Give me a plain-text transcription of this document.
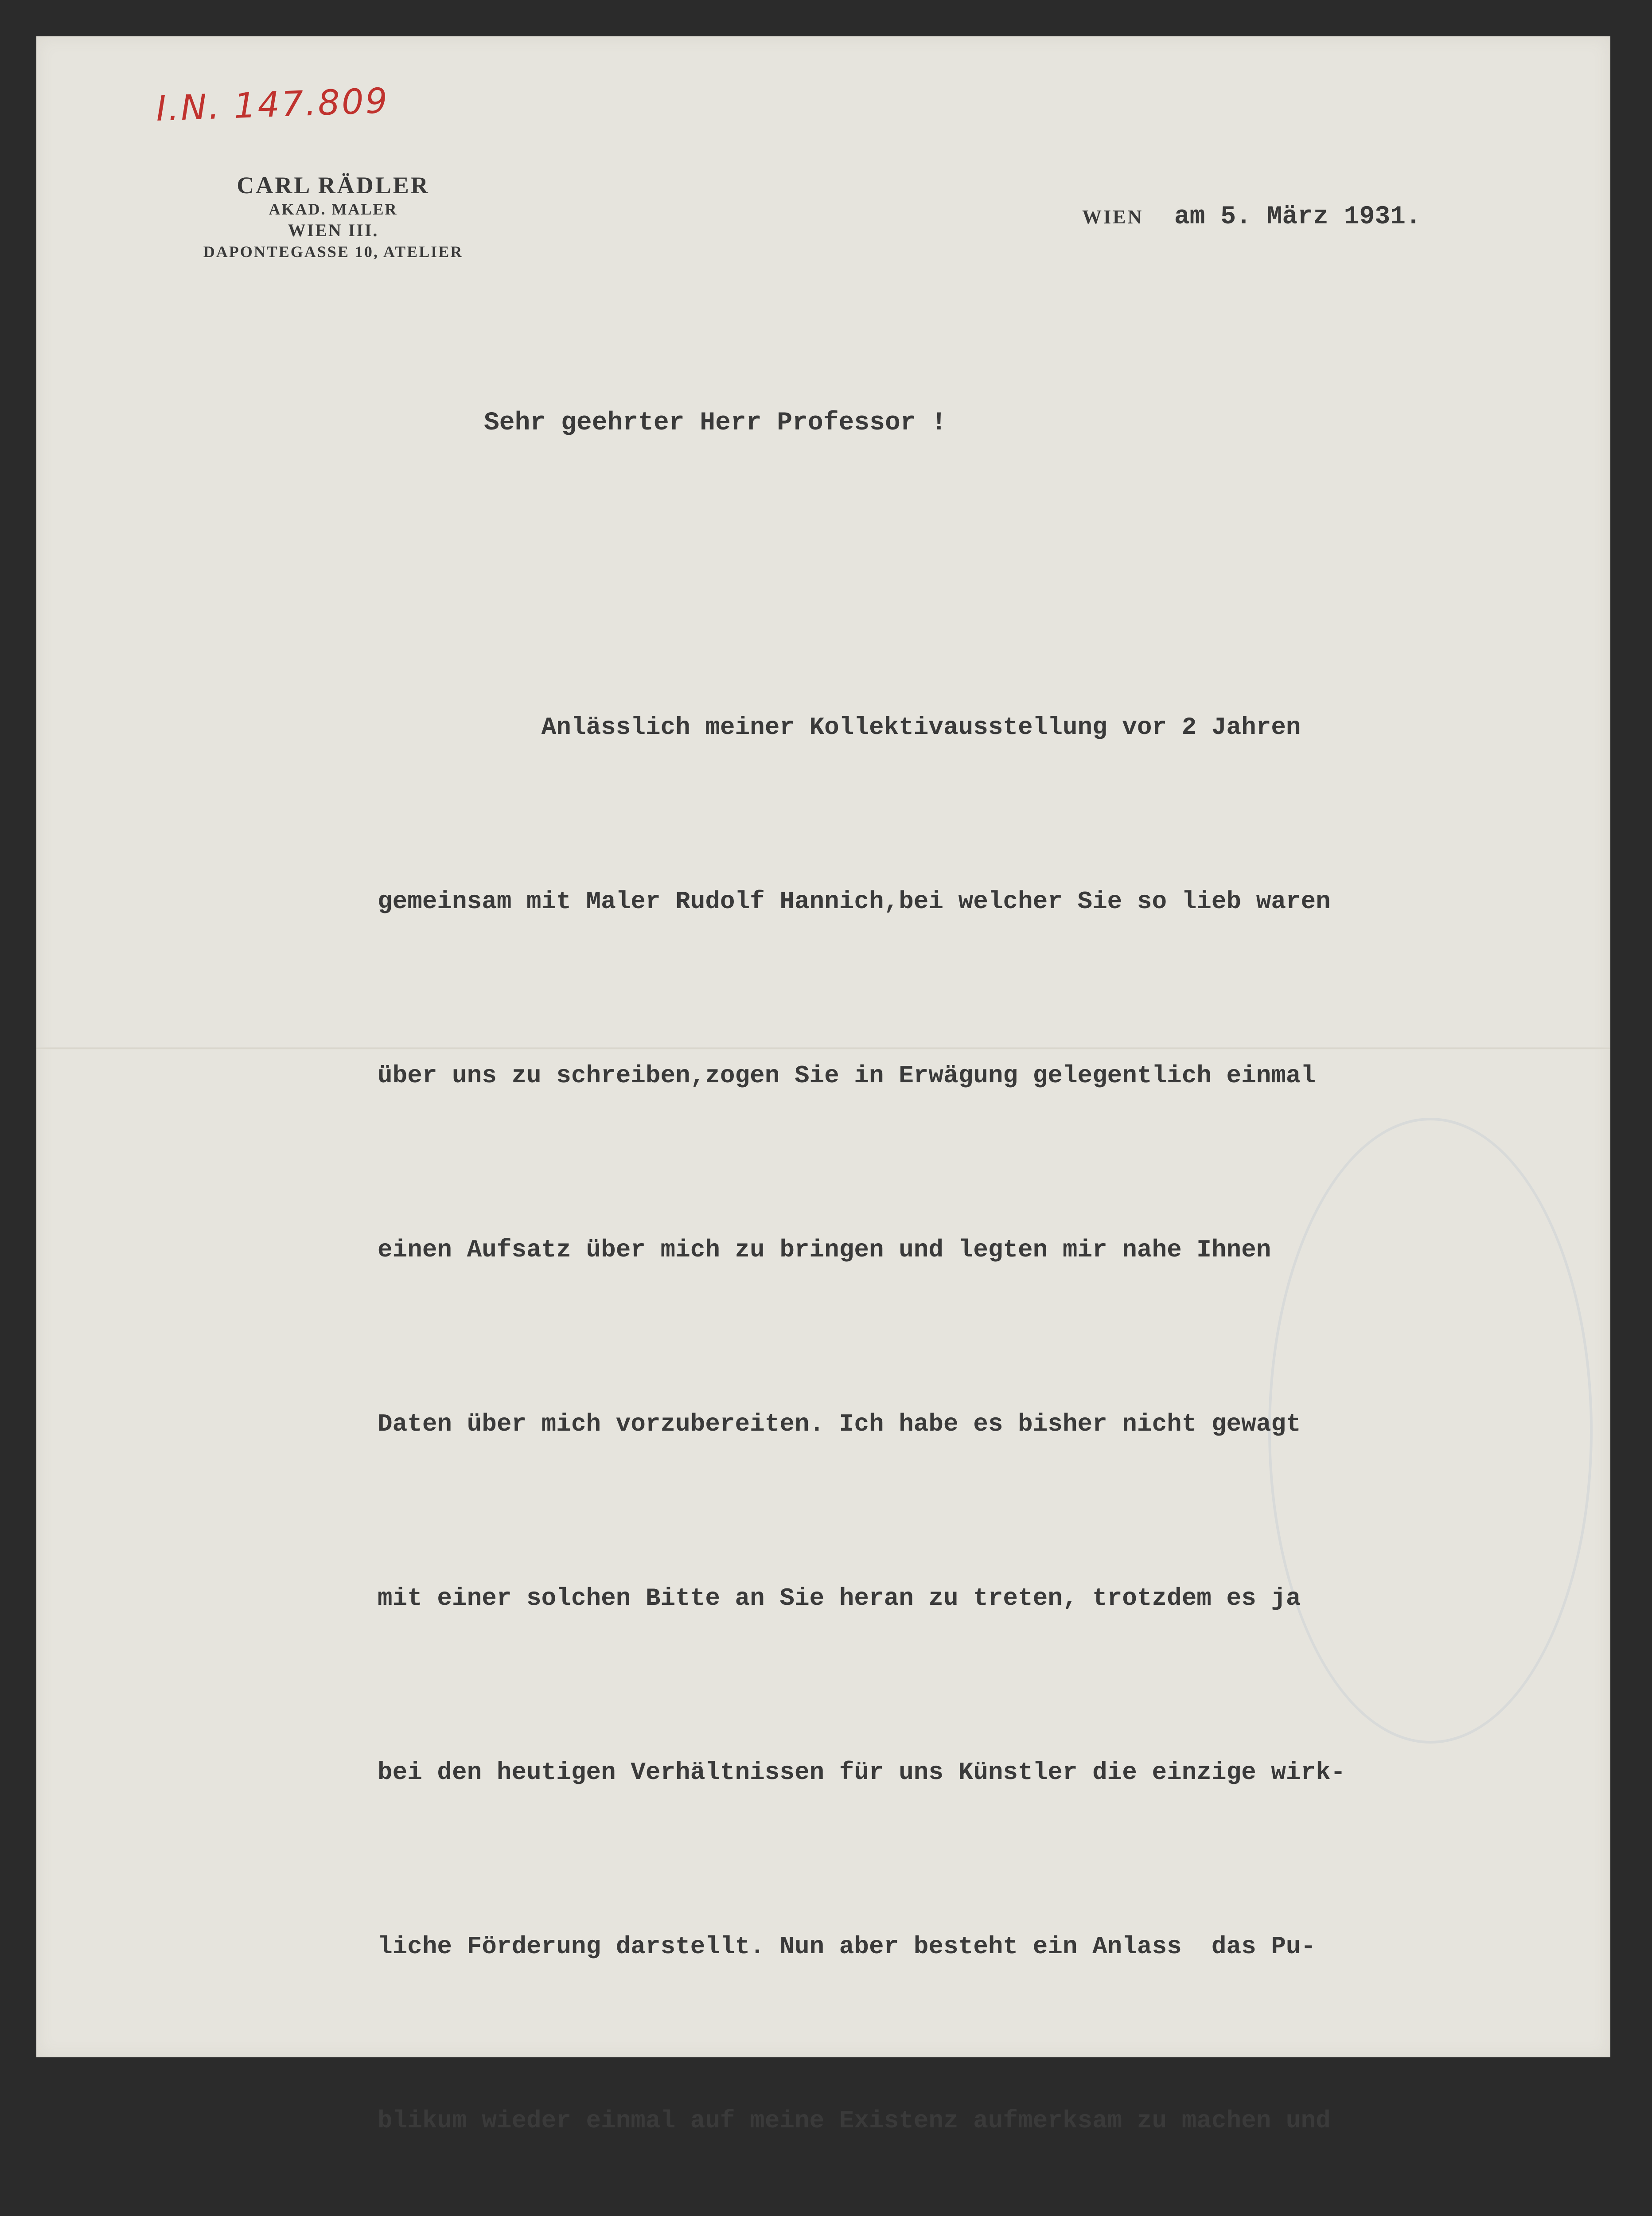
I.N. 147.809
CARL RÄDLER
AKAD. MALER
WIEN III.
DAPONTEGASSE 10, ATELIER
WIEN am 5. März 1931.
Sehr geehrter Herr Professor !

Anlässlich meiner Kollektivausstellung vor 2 Jahren

gemeinsam mit Maler Rudolf Hannich,bei welcher Sie so lieb waren

über uns zu schreiben,zogen Sie in Erwägung gelegentlich einmal

einen Aufsatz über mich zu bringen und legten mir nahe Ihnen

Daten über mich vorzubereiten. Ich habe es bisher nicht gewagt

mit einer solchen Bitte an Sie heran zu treten, trotzdem es ja

bei den heutigen Verhältnissen für uns Künstler die einzige wirk-

liche Förderung darstellt. Nun aber besteht ein Anlass  das Pu-

blikum wieder einmal auf meine Existenz aufmerksam zu machen und
